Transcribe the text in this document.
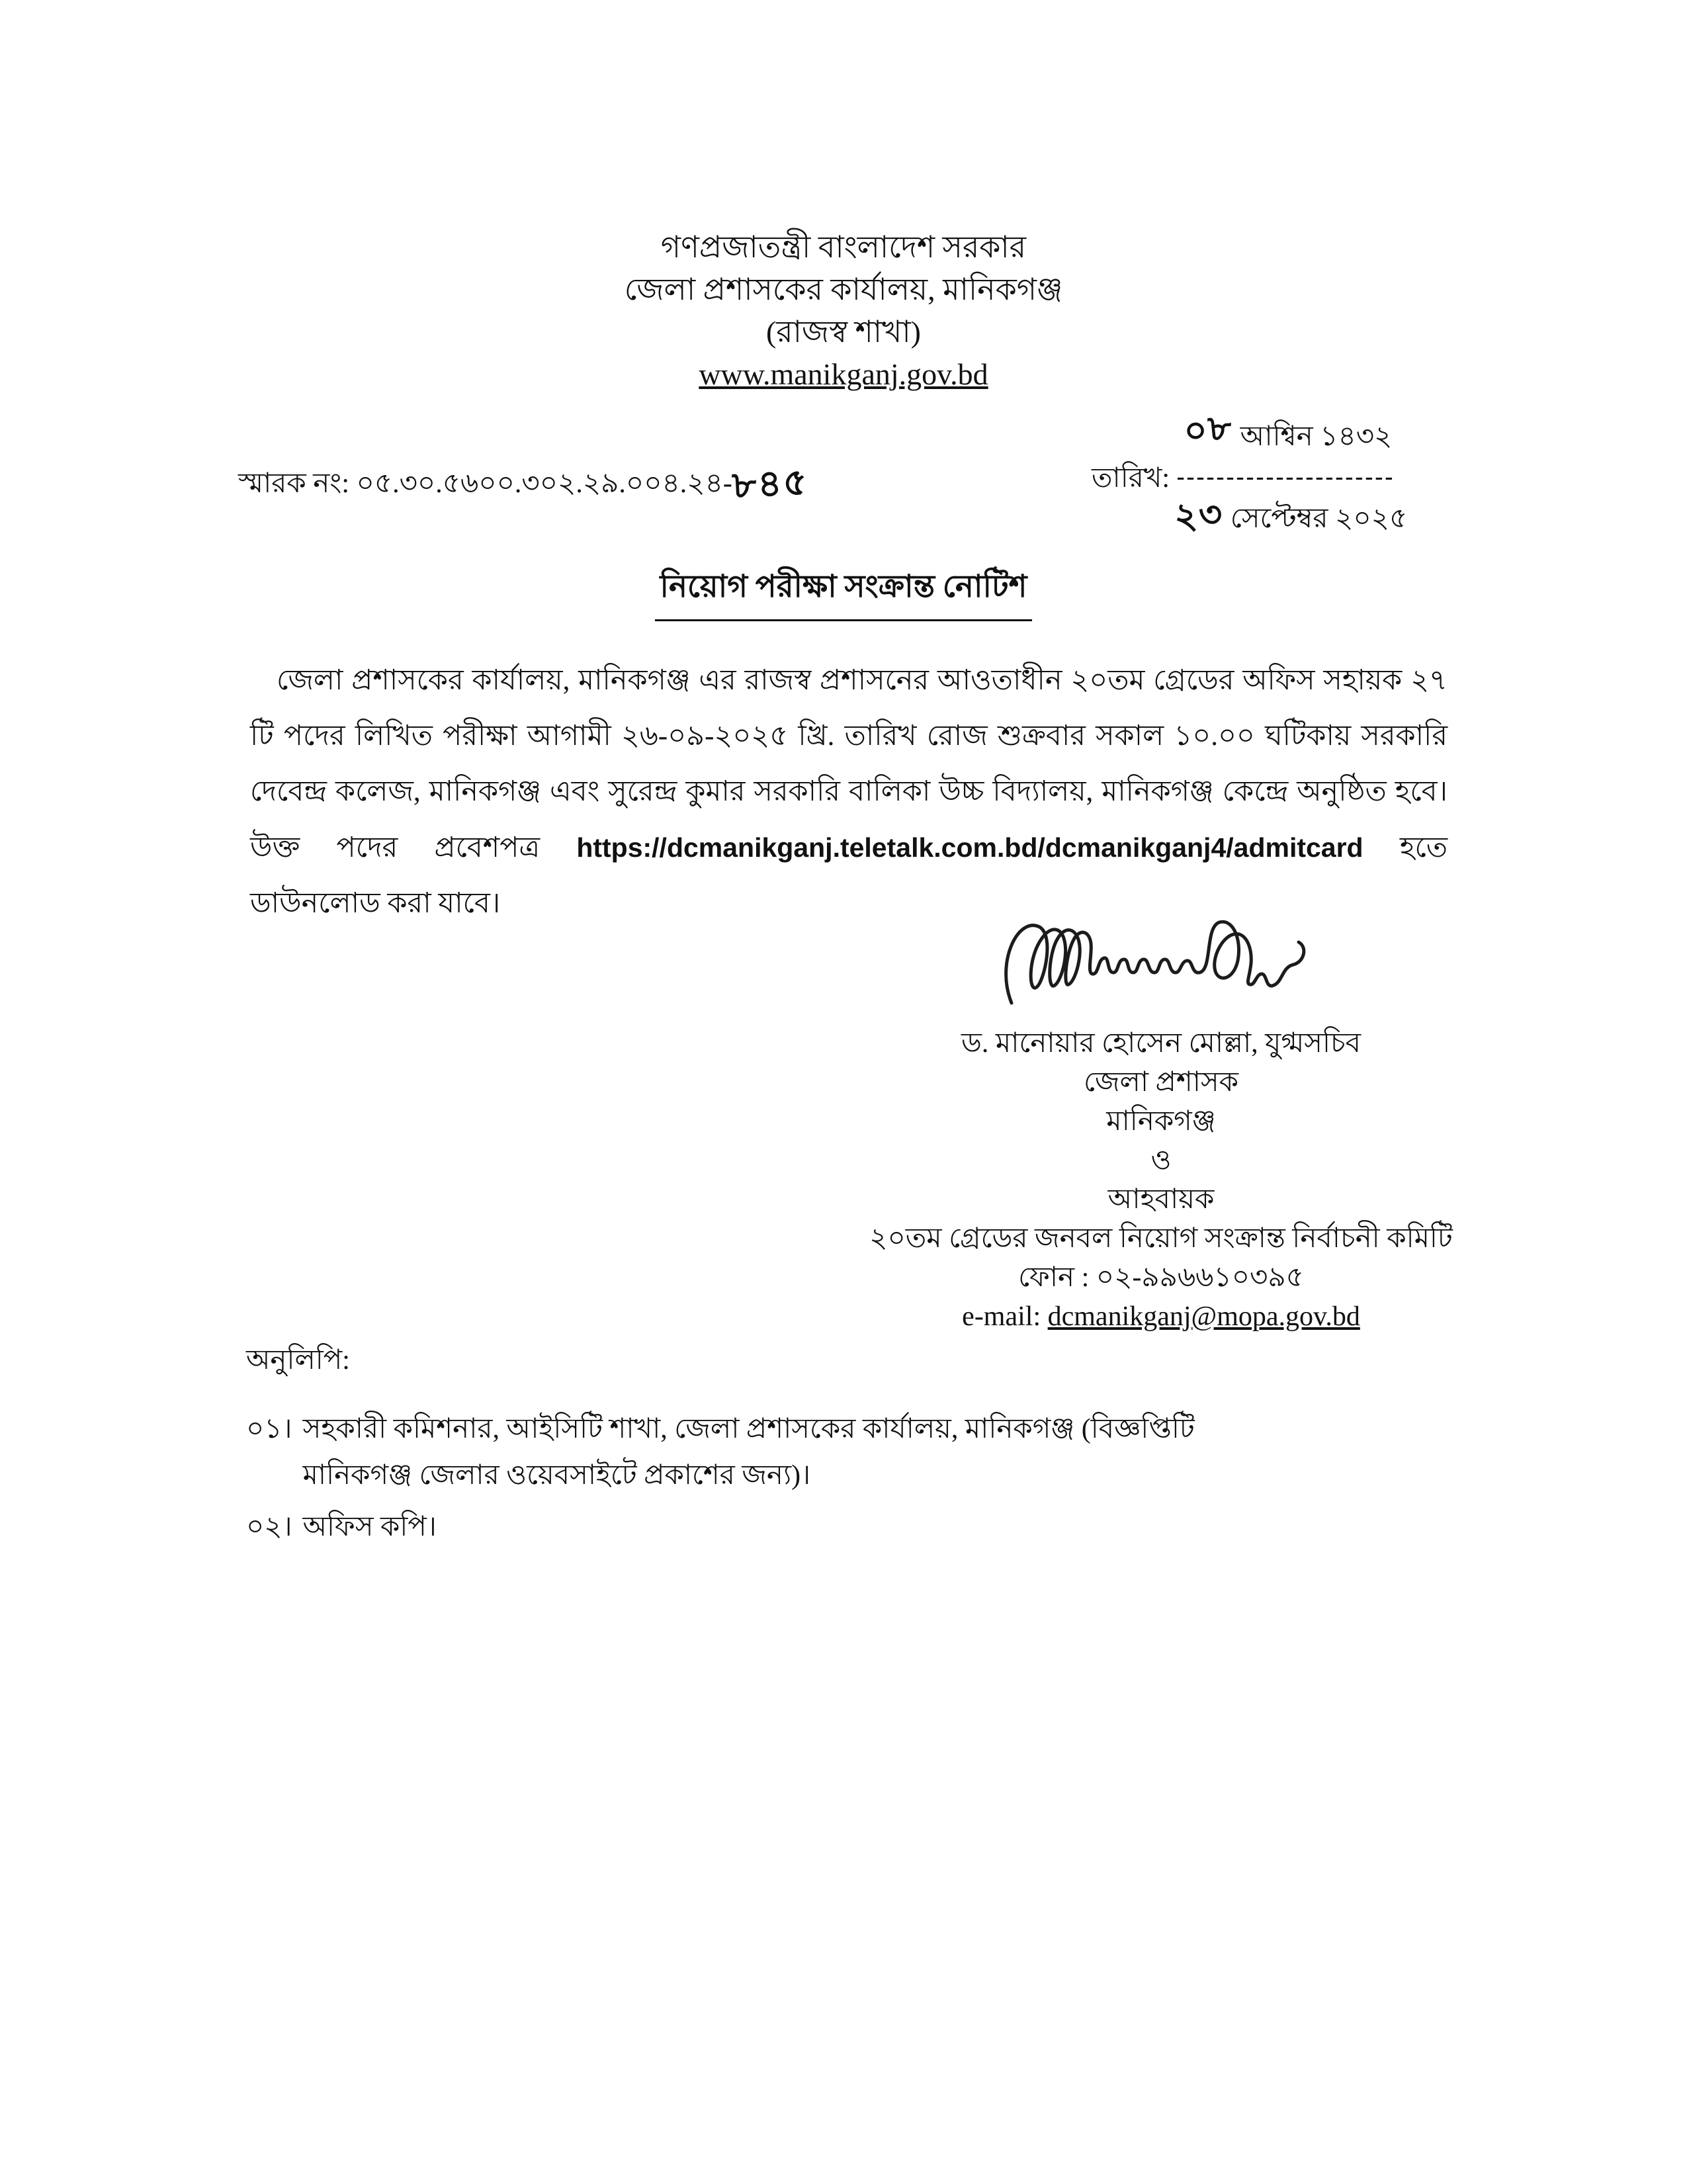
গণপ্রজাতন্ত্রী বাংলাদেশ সরকার
জেলা প্রশাসকের কার্যালয়, মানিকগঞ্জ
(রাজস্ব শাখা)
www.manikganj.gov.bd
স্মারক নং: ০৫.৩০.৫৬০০.৩০২.২৯.০০৪.২৪-৮৪৫
০৮ আশ্বিন ১৪৩২
তারিখ: ----------------------
২৩ সেপ্টেম্বর ২০২৫
নিয়োগ পরীক্ষা সংক্রান্ত নোটিশ

জেলা প্রশাসকের কার্যালয়, মানিকগঞ্জ এর রাজস্ব প্রশাসনের আওতাধীন ২০তম গ্রেডের অফিস সহায়ক ২৭ টি পদের লিখিত পরীক্ষা আগামী ২৬-০৯-২০২৫ খ্রি. তারিখ রোজ শুক্রবার সকাল ১০.০০ ঘটিকায় সরকারি দেবেন্দ্র কলেজ, মানিকগঞ্জ এবং সুরেন্দ্র কুমার সরকারি বালিকা উচ্চ বিদ্যালয়, মানিকগঞ্জ কেন্দ্রে অনুষ্ঠিত হবে। উক্ত পদের প্রবেশপত্র https://dcmanikganj.teletalk.com.bd/dcmanikganj4/admitcard হতে ডাউনলোড করা যাবে।

ড. মানোয়ার হোসেন মোল্লা, যুগ্মসচিব
জেলা প্রশাসক
মানিকগঞ্জ
ও
আহবায়ক
২০তম গ্রেডের জনবল নিয়োগ সংক্রান্ত নির্বাচনী কমিটি
ফোন : ০২-৯৯৬৬১০৩৯৫
e-mail: dcmanikganj@mopa.gov.bd
অনুলিপি:
০১। সহকারী কমিশনার, আইসিটি শাখা, জেলা প্রশাসকের কার্যালয়, মানিকগঞ্জ (বিজ্ঞপ্তিটি মানিকগঞ্জ জেলার ওয়েবসাইটে প্রকাশের জন্য)।
০২। অফিস কপি।
